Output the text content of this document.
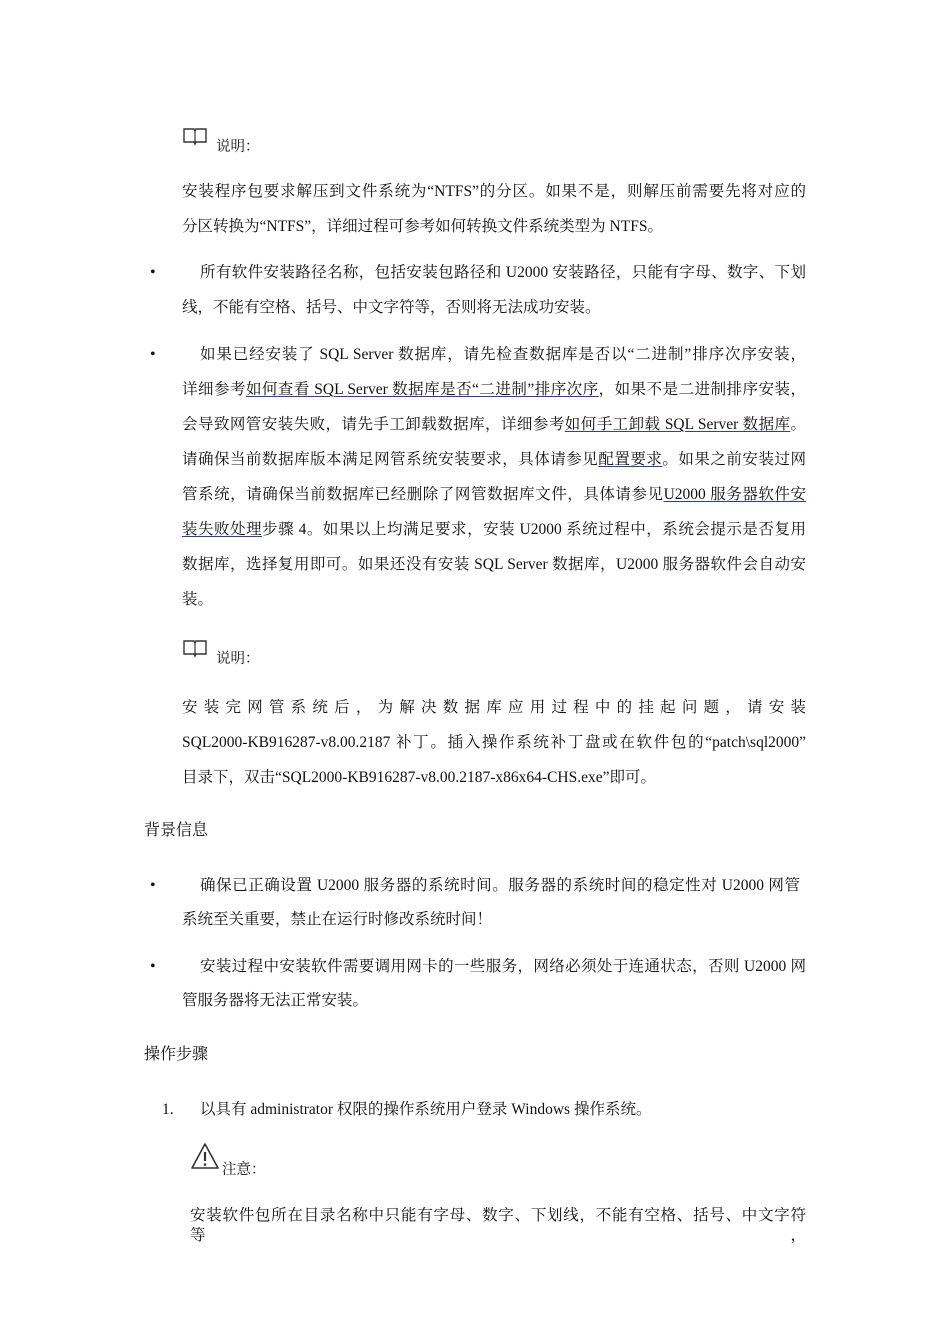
说明：
安装程序包要求解压到文件系统为“NTFS”的分区。如果不是，则解压前需要先将对应的
分区转换为“NTFS”，详细过程可参考如何转换文件系统类型为 NTFS。
•	所有软件安装路径名称，包括安装包路径和 U2000 安装路径，只能有字母、数字、下划
线，不能有空格、括号、中文字符等，否则将无法成功安装。
•	如果已经安装了 SQL Server 数据库，请先检查数据库是否以“二进制”排序次序安装，
详细参考如何查看 SQL Server 数据库是否“二进制”排序次序，如果不是二进制排序安装，
会导致网管安装失败，请先手工卸载数据库，详细参考如何手工卸载 SQL Server 数据库。
请确保当前数据库版本满足网管系统安装要求，具体请参见配置要求。如果之前安装过网
管系统，请确保当前数据库已经删除了网管数据库文件，具体请参见U2000 服务器软件安
装失败处理步骤 4。如果以上均满足要求，安装 U2000 系统过程中，系统会提示是否复用
数据库，选择复用即可。如果还没有安装 SQL Server 数据库，U2000 服务器软件会自动安
装。
说明：
安装完网管系统后，为解决数据库应用过程中的挂起问题，请安装
SQL2000-KB916287-v8.00.2187 补丁。插入操作系统补丁盘或在软件包的“patch\sql2000”
目录下，双击“SQL2000-KB916287-v8.00.2187-x86x64-CHS.exe”即可。
背景信息
•	确保已正确设置 U2000 服务器的系统时间。服务器的系统时间的稳定性对 U2000 网管
系统至关重要，禁止在运行时修改系统时间！
•	安装过程中安装软件需要调用网卡的一些服务，网络必须处于连通状态，否则 U2000 网
管服务器将无法正常安装。
操作步骤
1. 以具有 administrator 权限的操作系统用户登录 Windows 操作系统。
注意：
安装软件包所在目录名称中只能有字母、数字、下划线，不能有空格、括号、中文字符等，
